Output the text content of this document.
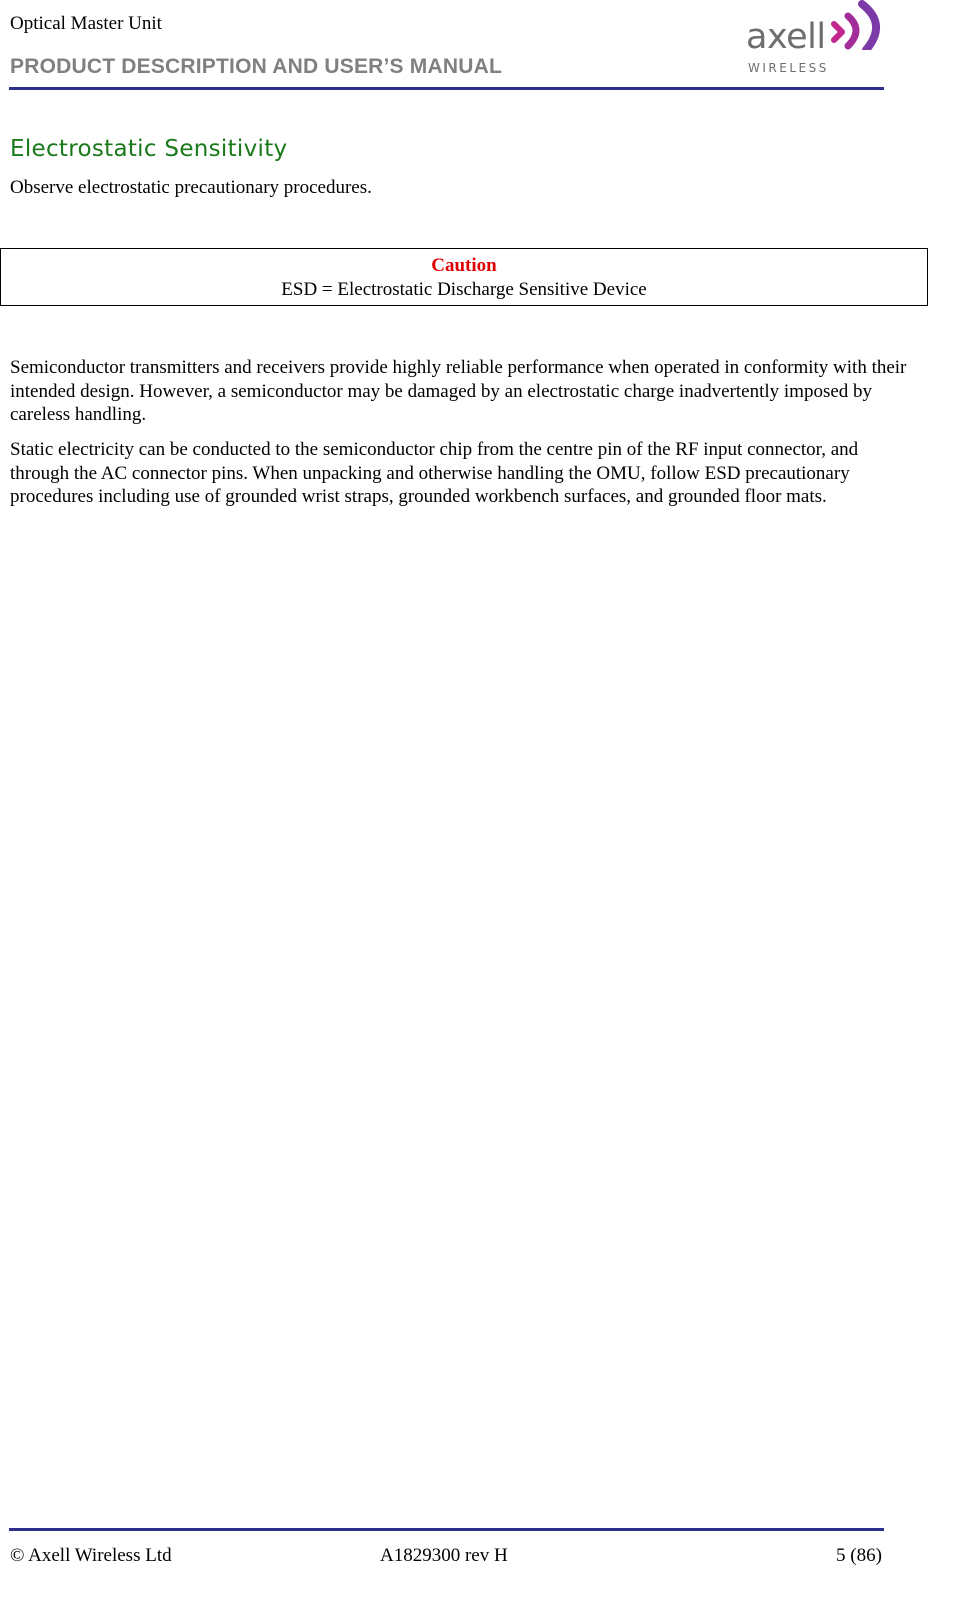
Optical Master Unit
PRODUCT DESCRIPTION AND USER’S MANUAL
axell
WIRELESS
Electrostatic Sensitivity
Observe electrostatic precautionary procedures.
Caution
ESD = Electrostatic Discharge Sensitive Device

Semiconductor transmitters and receivers provide highly reliable performance when operated in conformity with their intended design. However, a semiconductor may be damaged by an electrostatic charge inadvertently imposed by careless handling.

Static electricity can be conducted to the semiconductor chip from the centre pin of the RF input connector, and through the AC connector pins. When unpacking and otherwise handling the OMU, follow ESD precautionary procedures including use of grounded wrist straps, grounded workbench surfaces, and grounded floor mats.

© Axell Wireless Ltd	A1829300 rev H	5 (86)
